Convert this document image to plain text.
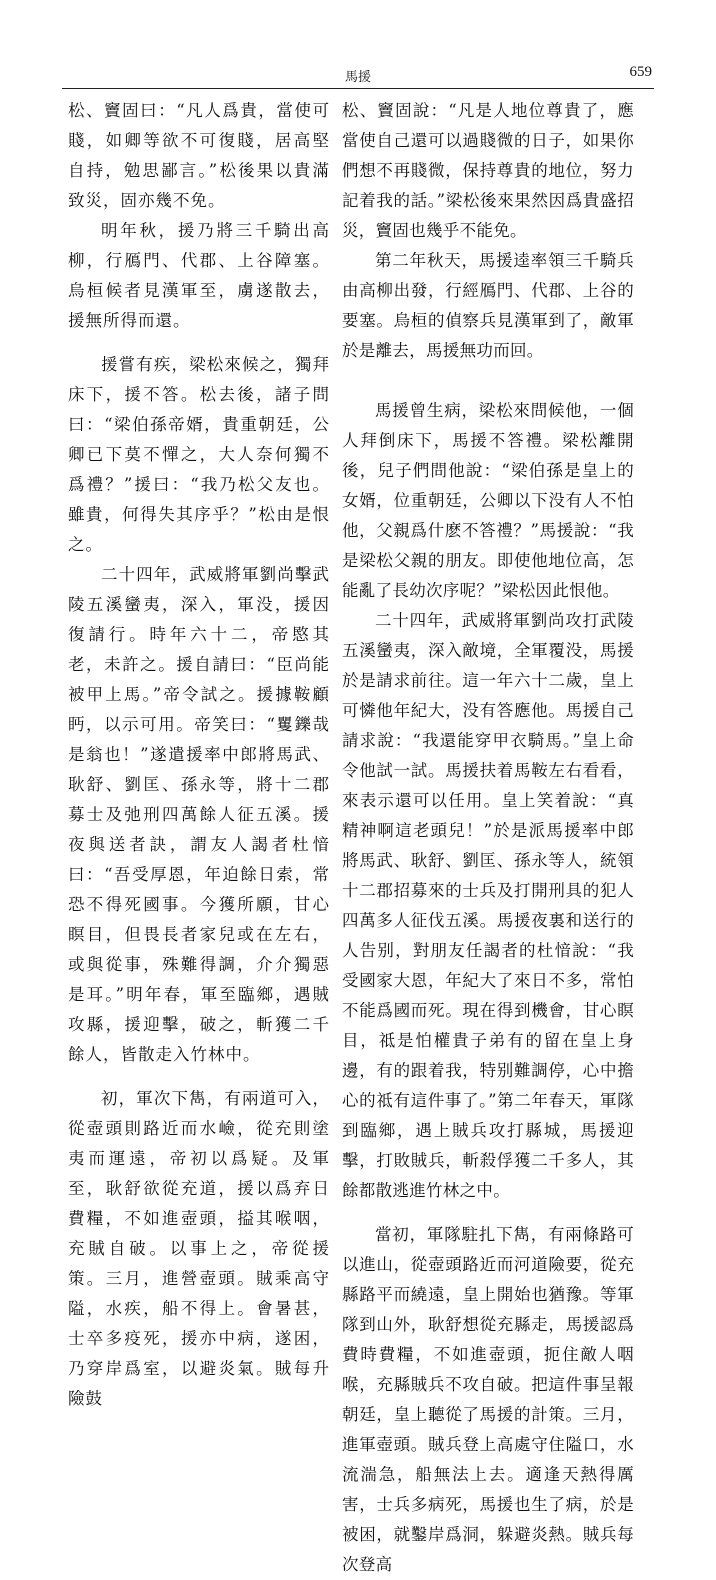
馬援	659

松、竇固曰：“凡人爲貴，當使可賤，如卿等欲不可復賤，居高堅自持，勉思鄙言。”松後果以貴滿致災，固亦幾不免。

明年秋，援乃將三千騎出高柳，行鴈門、代郡、上谷障塞。烏桓候者見漢軍至，虜遂散去，援無所得而還。

援嘗有疾，梁松來候之，獨拜床下，援不答。松去後，諸子問曰：“梁伯孫帝婿，貴重朝廷，公卿已下莫不憚之，大人奈何獨不爲禮？”援曰：“我乃松父友也。雖貴，何得失其序乎？”松由是恨之。

二十四年，武威將軍劉尚擊武陵五溪蠻夷，深入，軍没，援因復請行。時年六十二，帝愍其老，未許之。援自請曰：“臣尚能被甲上馬。”帝令試之。援據鞍顧眄，以示可用。帝笑曰：“矍鑠哉是翁也！”遂遣援率中郎將馬武、耿舒、劉匡、孫永等，將十二郡募士及弛刑四萬餘人征五溪。援夜與送者訣，謂友人謁者杜愔曰：“吾受厚恩，年迫餘日索，常恐不得死國事。今獲所願，甘心瞑目，但畏長者家兒或在左右，或與從事，殊難得調，介介獨惡是耳。”明年春，軍至臨鄉，遇賊攻縣，援迎擊，破之，斬獲二千餘人，皆散走入竹林中。

初，軍次下雋，有兩道可入，從壺頭則路近而水嶮，從充則塗夷而運遠，帝初以爲疑。及軍至，耿舒欲從充道，援以爲弃日費糧，不如進壺頭，搤其喉咽，充賊自破。以事上之，帝從援策。三月，進營壺頭。賊乘高守隘，水疾，船不得上。會暑甚，士卒多疫死，援亦中病，遂困，乃穿岸爲室，以避炎氣。賊每升險鼓

松、竇固說：“凡是人地位尊貴了，應當使自己還可以過賤微的日子，如果你們想不再賤微，保持尊貴的地位，努力記着我的話。”梁松後來果然因爲貴盛招災，竇固也幾乎不能免。

第二年秋天，馬援逵率領三千騎兵由高柳出發，行經鴈門、代郡、上谷的要塞。烏桓的偵察兵見漢軍到了，敵軍於是離去，馬援無功而回。

馬援曾生病，梁松來問候他，一個人拜倒床下，馬援不答禮。梁松離開後，兒子們問他說：“梁伯孫是皇上的女婿，位重朝廷，公卿以下没有人不怕他，父親爲什麽不答禮？”馬援說：“我是梁松父親的朋友。即使他地位高，怎能亂了長幼次序呢？”梁松因此恨他。

二十四年，武威將軍劉尚攻打武陵五溪蠻夷，深入敵境，全軍覆没，馬援於是請求前往。這一年六十二歲，皇上可憐他年紀大，没有答應他。馬援自己請求說：“我還能穿甲衣騎馬。”皇上命令他試一試。馬援扶着馬鞍左右看看，來表示還可以任用。皇上笑着說：“真精神啊這老頭兒！”於是派馬援率中郎將馬武、耿舒、劉匡、孫永等人，統領十二郡招募來的士兵及打開刑具的犯人四萬多人征伐五溪。馬援夜裏和送行的人告别，對朋友任謁者的杜愔說：“我受國家大恩，年紀大了來日不多，常怕不能爲國而死。現在得到機會，甘心瞑目，祗是怕權貴子弟有的留在皇上身邊，有的跟着我，特别難調停，心中擔心的祗有這件事了。”第二年春天，軍隊到臨鄉，遇上賊兵攻打縣城，馬援迎擊，打敗賊兵，斬殺俘獲二千多人，其餘都散逃進竹林之中。

當初，軍隊駐扎下雋，有兩條路可以進山，從壺頭路近而河道險要，從充縣路平而繞遠，皇上開始也猶豫。等軍隊到山外，耿舒想從充縣走，馬援認爲費時費糧，不如進壺頭，扼住敵人咽喉，充縣賊兵不攻自破。把這件事呈報朝廷，皇上聽從了馬援的計策。三月，進軍壺頭。賊兵登上高處守住隘口，水流湍急，船無法上去。適逢天熱得厲害，士兵多病死，馬援也生了病，於是被困，就鑿岸爲洞，躲避炎熱。賊兵每次登高
